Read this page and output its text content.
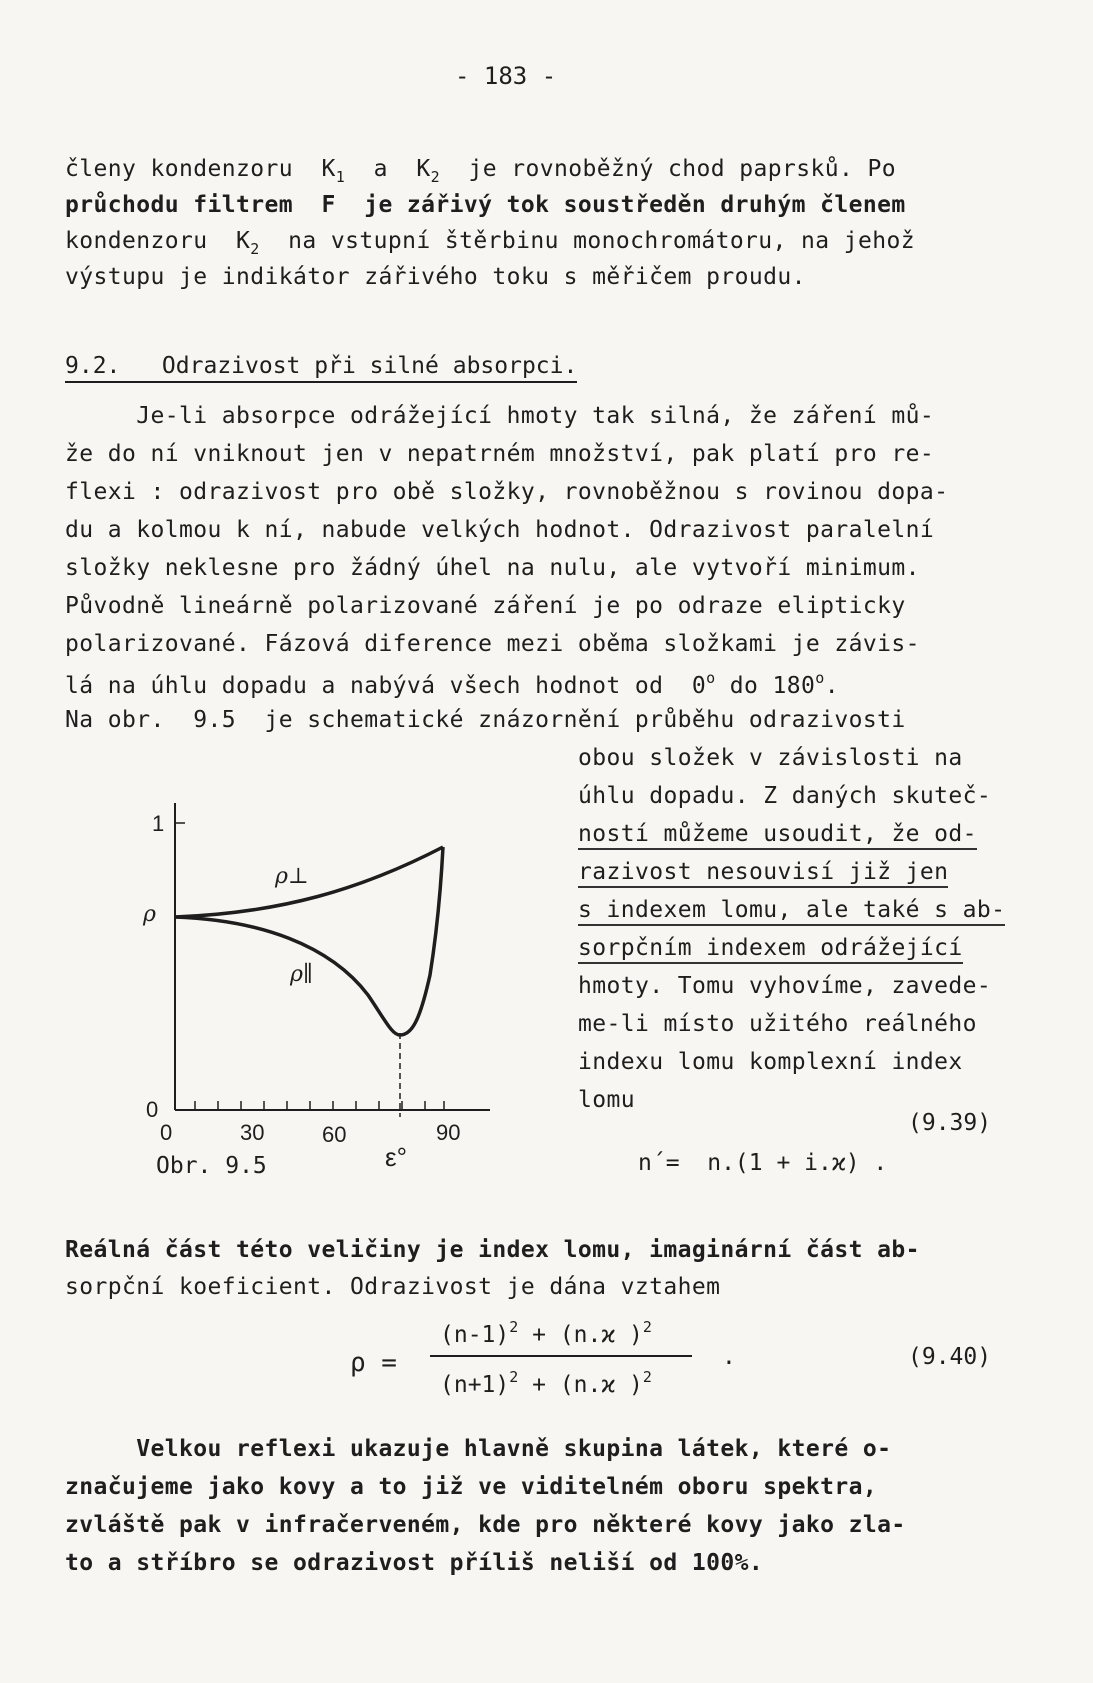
- 183 -
členy kondenzoru  $K_1$  a  $K_2$  je rovnoběžný chod paprsků. Po
průchodu filtrem  F  je zářivý tok soustředěn druhým členem
kondenzoru  $K_2$  na vstupní štěrbinu monochromátoru, na jehož
výstupu je indikátor zářivého toku s měřičem proudu.
9.2.   Odrazivost při silné absorpci.
Je-li absorpce odrážející hmoty tak silná, že záření mů-
že do ní vniknout jen v nepatrném množství, pak platí pro re-
flexi : odrazivost pro obě složky, rovnoběžnou s rovinou dopa-
du a kolmou k ní, nabude velkých hodnot. Odrazivost paralelní
složky neklesne pro žádný úhel na nulu, ale vytvoří minimum.
Původně lineárně polarizované záření je po odraze elipticky
polarizované. Fázová diference mezi oběma složkami je závis-
lá na úhlu dopadu a nabývá všech hodnot od  0$^o$ do 180$^o$.
Na obr.  9.5  je schematické znázornění průběhu odrazivosti
obou složek v závislosti na
úhlu dopadu. Z daných skuteč-
ností můžeme usoudit, že od-
razivost nesouvisí již jen
s indexem lomu, ale také s ab-
sorpčním indexem odrážející
hmoty. Tomu vyhovíme, zavede-
me-li místo užitého reálného
indexu lomu komplexní index
lomu
1
ρ
0
0	30	60	90
ρ⊥
ρ∥
ε°
Obr. 9.5
(9.39)
n´=  n.(1 + i.ϰ) .
Reálná část této veličiny je index lomu, imaginární část ab-
sorpční koeficient. Odrazivost je dána vztahem
ρ =
$(n-1)^2 + (n.ϰ$ )$^2$
$(n+1)^2 + (n.ϰ$ )$^2$
.	(9.40)
Velkou reflexi ukazuje hlavně skupina látek, které o-
značujeme jako kovy a to již ve viditelném oboru spektra,
zvláště pak v infračerveném, kde pro některé kovy jako zla-
to a stříbro se odrazivost příliš neliší od 100%.
